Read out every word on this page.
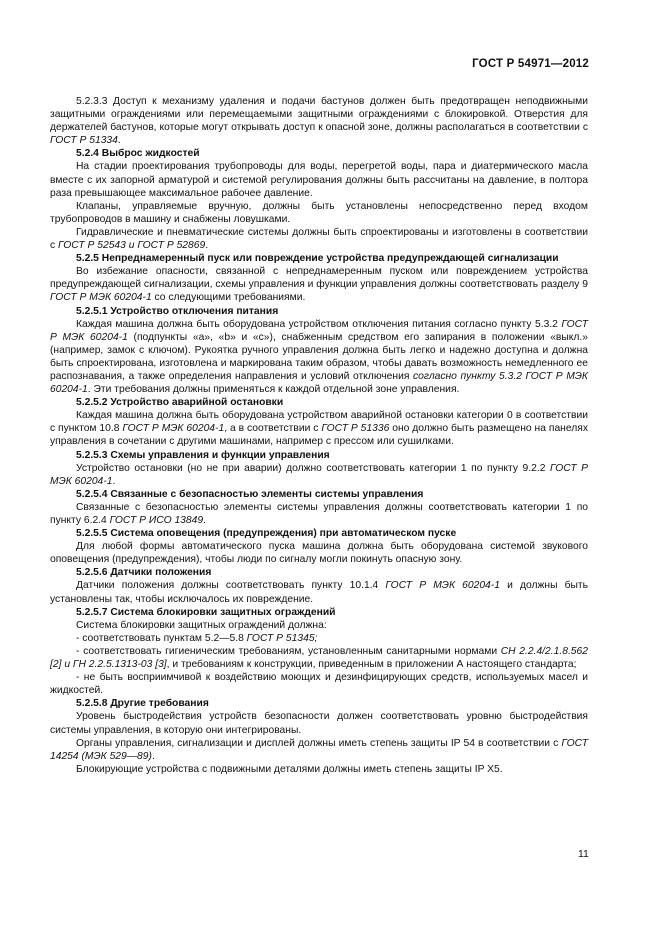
ГОСТ Р 54971—2012

5.2.3.3 Доступ к механизму удаления и подачи бастунов должен быть предотвращен неподвижными защитными ограждениями или перемещаемыми защитными ограждениями с блокировкой. Отверстия для держателей бастунов, которые могут открывать доступ к опасной зоне, должны располагаться в соответствии с ГОСТ Р 51334.

5.2.4 Выброс жидкостей

На стадии проектирования трубопроводы для воды, перегретой воды, пара и диатермического масла вместе с их запорной арматурой и системой регулирования должны быть рассчитаны на давление, в полтора раза превышающее максимальное рабочее давление.

Клапаны, управляемые вручную, должны быть установлены непосредственно перед входом трубопроводов в машину и снабжены ловушками.

Гидравлические и пневматические системы должны быть спроектированы и изготовлены в соответствии с ГОСТ Р 52543 и ГОСТ Р 52869.

5.2.5 Непреднамеренный пуск или повреждение устройства предупреждающей сигнализации

Во избежание опасности, связанной с непреднамеренным пуском или повреждением устройства предупреждающей сигнализации, схемы управления и функции управления должны соответствовать разделу 9 ГОСТ Р МЭК 60204-1 со следующими требованиями.

5.2.5.1 Устройство отключения питания

Каждая машина должна быть оборудована устройством отключения питания согласно пункту 5.3.2 ГОСТ Р МЭК 60204-1 (подпункты «а», «b» и «с»), снабженным средством его запирания в положении «выкл.» (например, замок с ключом). Рукоятка ручного управления должна быть легко и надежно доступна и должна быть спроектирована, изготовлена и маркирована таким образом, чтобы давать возможность немедленного ее распознавания, а также определения направления и условий отключения согласно пункту 5.3.2 ГОСТ Р МЭК 60204-1. Эти требования должны применяться к каждой отдельной зоне управления.

5.2.5.2 Устройство аварийной остановки

Каждая машина должна быть оборудована устройством аварийной остановки категории 0 в соответствии с пунктом 10.8 ГОСТ Р МЭК 60204-1, а в соответствии с ГОСТ Р 51336 оно должно быть размещено на панелях управления в сочетании с другими машинами, например с прессом или сушилками.

5.2.5.3 Схемы управления и функции управления

Устройство остановки (но не при аварии) должно соответствовать категории 1 по пункту 9.2.2 ГОСТ Р МЭК 60204-1.

5.2.5.4 Связанные с безопасностью элементы системы управления

Связанные с безопасностью элементы системы управления должны соответствовать категории 1 по пункту 6.2.4 ГОСТ Р ИСО 13849.

5.2.5.5 Система оповещения (предупреждения) при автоматическом пуске

Для любой формы автоматического пуска машина должна быть оборудована системой звукового оповещения (предупреждения), чтобы люди по сигналу могли покинуть опасную зону.

5.2.5.6 Датчики положения

Датчики положения должны соответствовать пункту 10.1.4 ГОСТ Р МЭК 60204-1 и должны быть установлены так, чтобы исключалось их повреждение.

5.2.5.7 Система блокировки защитных ограждений

Система блокировки защитных ограждений должна:

- соответствовать пунктам 5.2—5.8 ГОСТ Р 51345;

- соответствовать гигиеническим требованиям, установленным санитарными нормами СН 2.2.4/2.1.8.562 [2] и ГН 2.2.5.1313-03 [3], и требованиям к конструкции, приведенным в приложении А настоящего стандарта;

- не быть восприимчивой к воздействию моющих и дезинфицирующих средств, используемых масел и жидкостей.

5.2.5.8 Другие требования

Уровень быстродействия устройств безопасности должен соответствовать уровню быстродействия системы управления, в которую они интегрированы.

Органы управления, сигнализации и дисплей должны иметь степень защиты IP 54 в соответствии с ГОСТ 14254 (МЭК 529—89).

Блокирующие устройства с подвижными деталями должны иметь степень защиты IP X5.

11
